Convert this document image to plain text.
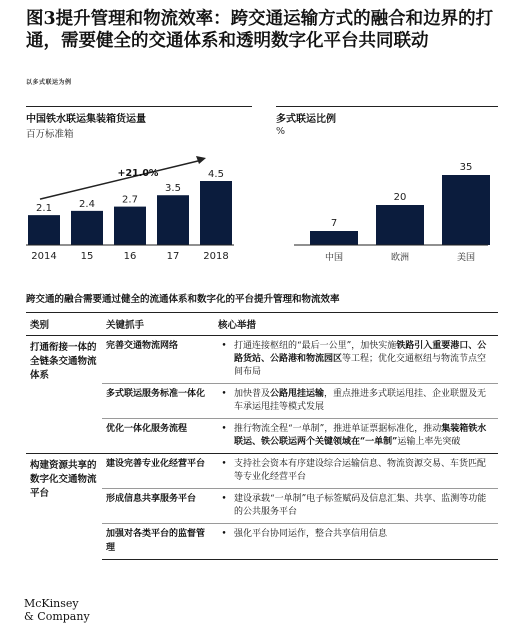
图3提升管理和物流效率：跨交通运输方式的融合和边界的打通，需要健全的交通体系和透明数字化平台共同联动
以多式联运为例
中国铁水联运集装箱货运量
百万标准箱
2.1
2014
2.4
15
2.7
16
3.5
17
4.5
2018
+21.0%
多式联运比例
%
7
中国
20
欧洲
35
美国
跨交通的融合需要通过健全的流通体系和数字化的平台提升管理和物流效率
类别	关键抓手	核心举措	
打通衔接一体的全链条交通物流体系	完善交通物流网络	•	打通连接枢纽的“最后一公里”，加快实施铁路引入重要港口、公路货站、公路港和物流园区等工程；优化交通枢纽与物流节点空间布局
	多式联运服务标准一体化	•	加快普及公路甩挂运输，重点推进多式联运甩挂、企业联盟及无车承运甩挂等模式发展
	优化一体化服务流程	•	推行物流全程“一单制”，推进单证票据标准化，推动集装箱铁水联运、铁公联运两个关键领域在“一单制”运输上率先突破
构建资源共享的数字化交通物流平台	建设完善专业化经营平台	•	支持社会资本有序建设综合运输信息、物流资源交易、车货匹配等专业化经营平台
	形成信息共享服务平台	•	建设承载“一单制”电子标签赋码及信息汇集、共享、监测等功能的公共服务平台
	加强对各类平台的监督管理	•	强化平台协同运作，整合共享信用信息
McKinsey
& Company
